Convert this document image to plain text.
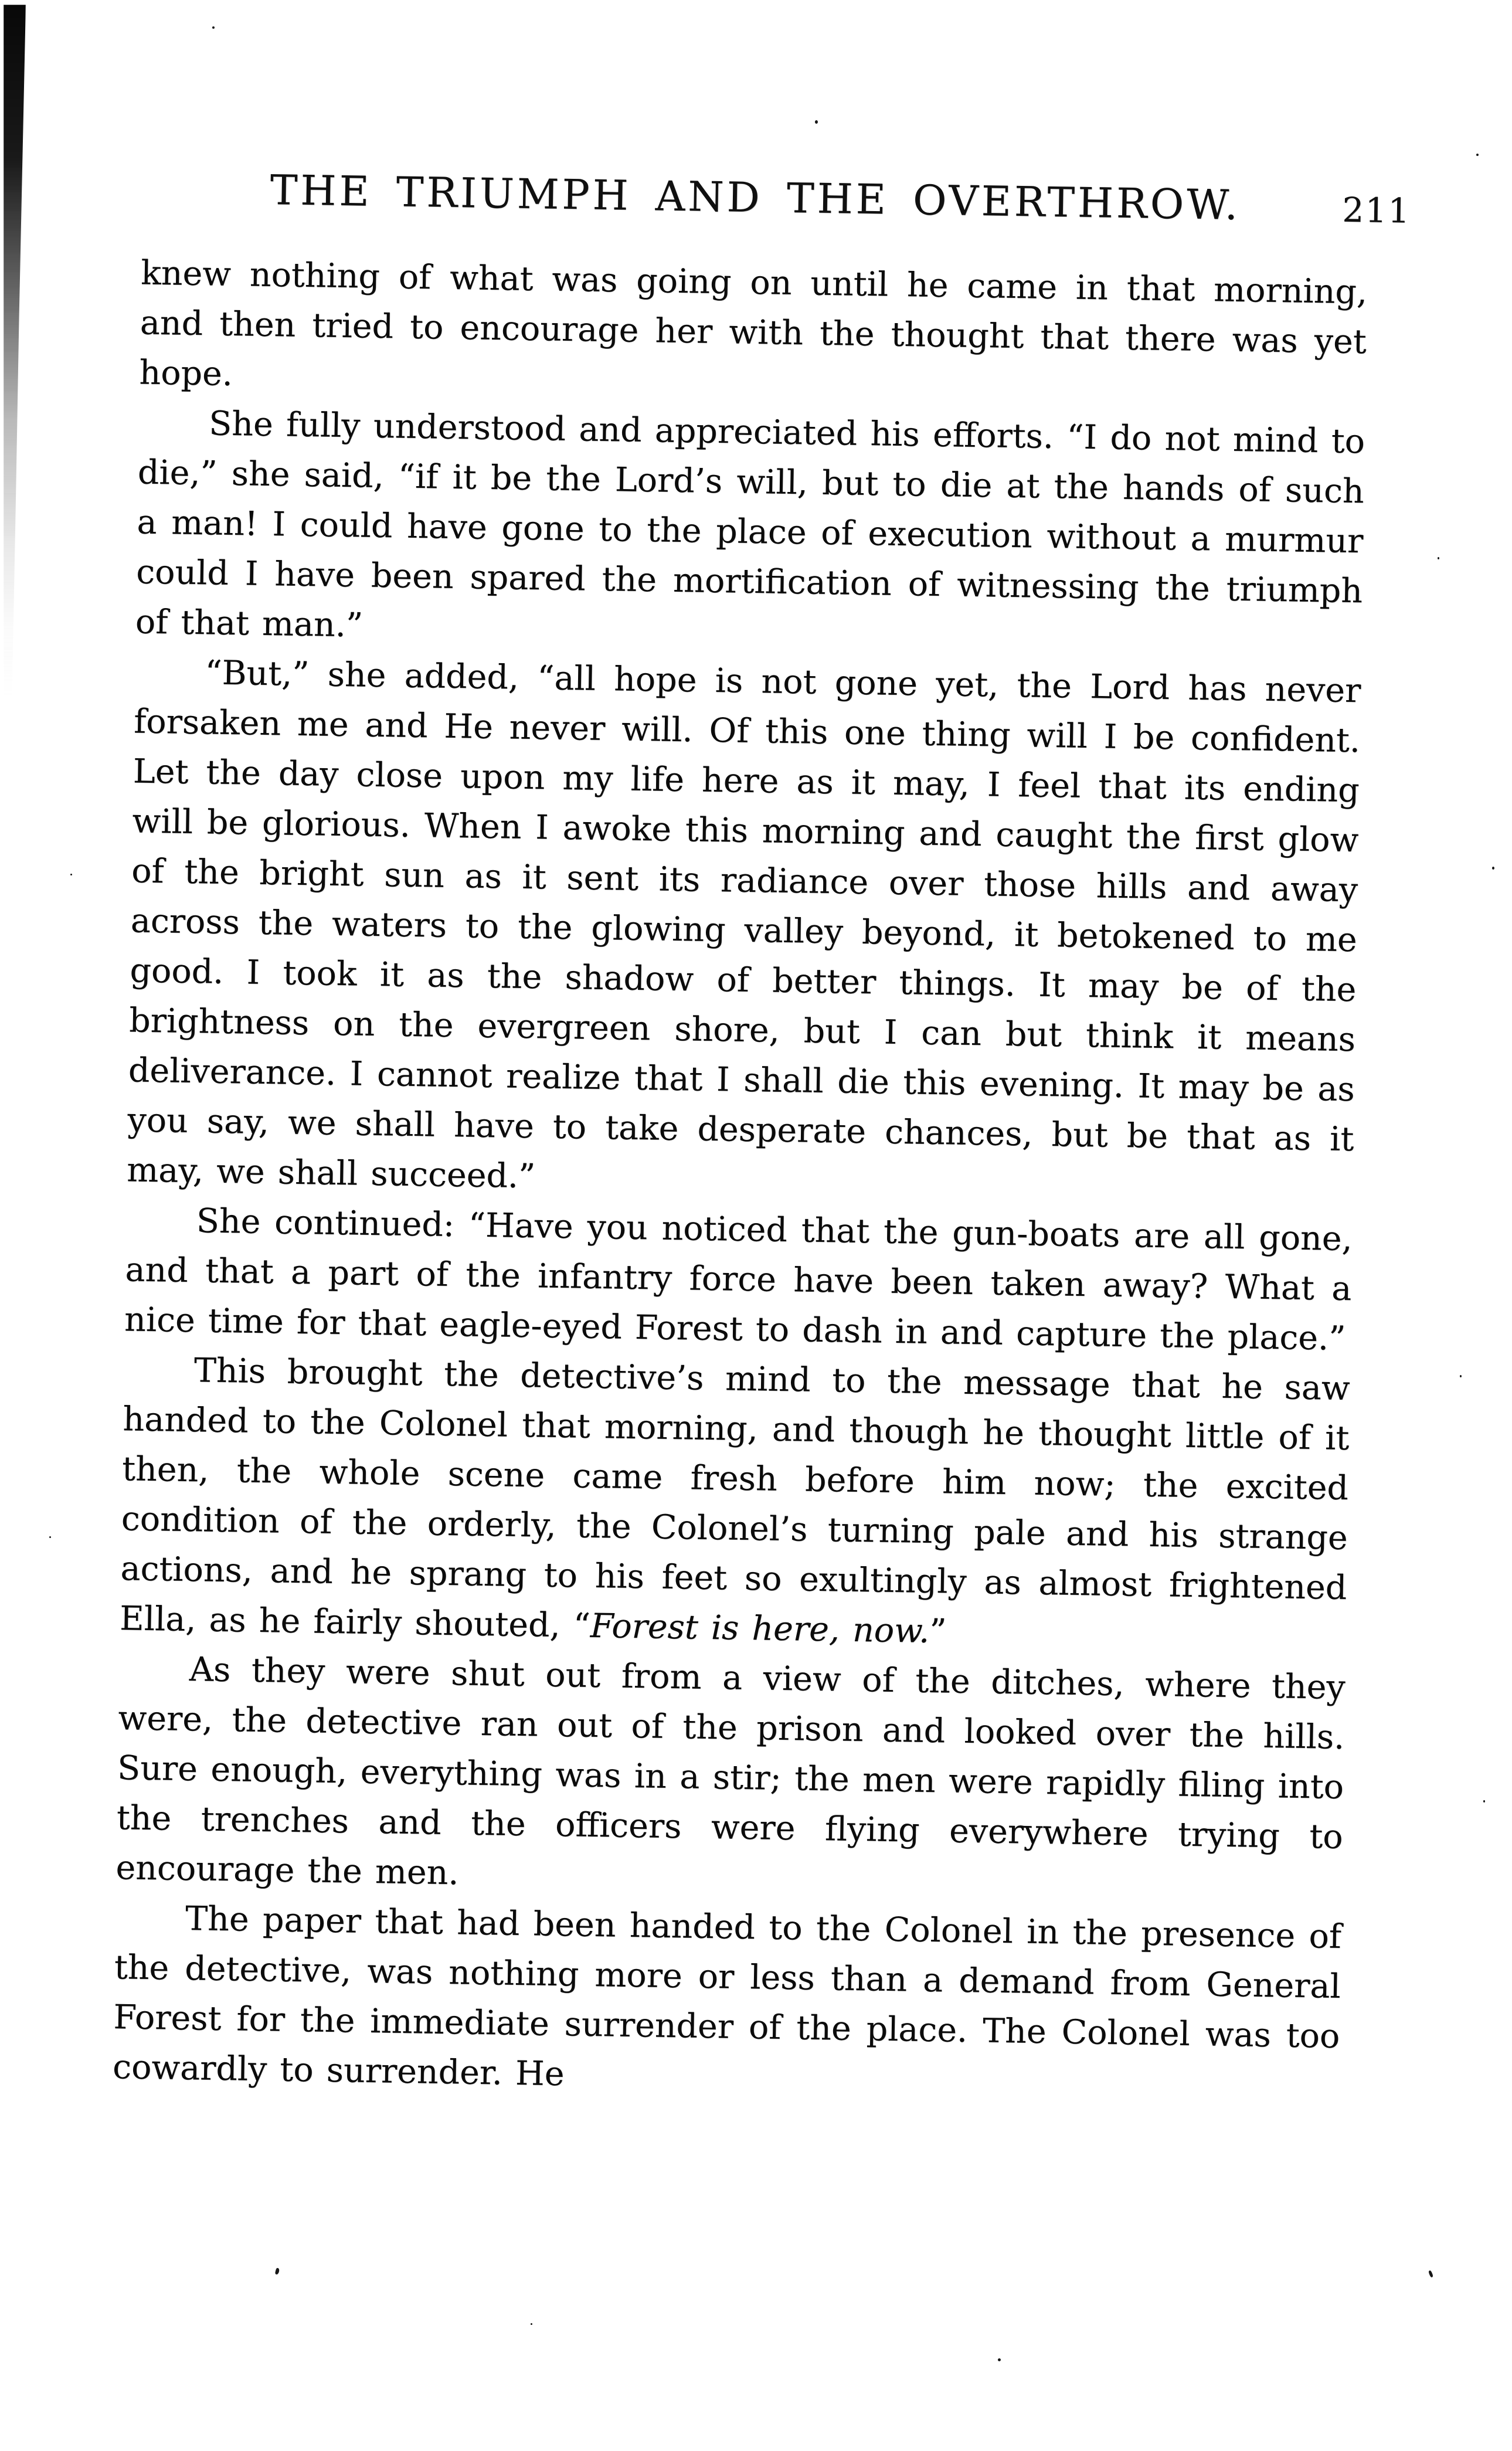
THE TRIUMPH AND THE OVERTHROW.	211

knew nothing of what was going on until he came in that morning, and then tried to encourage her with the thought that there was yet hope.

She fully understood and appreciated his efforts. “I do not mind to die,” she said, “if it be the Lord’s will, but to die at the hands of such a man! I could have gone to the place of execution without a murmur could I have been spared the mortification of witnessing the triumph of that man.”

“But,” she added, “all hope is not gone yet, the Lord has never forsaken me and He never will. Of this one thing will I be confident. Let the day close upon my life here as it may, I feel that its ending will be glorious. When I awoke this morning and caught the first glow of the bright sun as it sent its radiance over those hills and away across the waters to the glowing valley beyond, it betokened to me good. I took it as the shadow of better things. It may be of the brightness on the evergreen shore, but I can but think it means deliverance. I cannot realize that I shall die this evening. It may be as you say, we shall have to take desperate chances, but be that as it may, we shall succeed.”

She continued: “Have you noticed that the gun-boats are all gone, and that a part of the infantry force have been taken away? What a nice time for that eagle-eyed Forest to dash in and capture the place.”

This brought the detective’s mind to the message that he saw handed to the Colonel that morning, and though he thought little of it then, the whole scene came fresh before him now; the excited condition of the orderly, the Colonel’s turning pale and his strange actions, and he sprang to his feet so exultingly as almost frightened Ella, as he fairly shouted, “Forest is here, now.”

As they were shut out from a view of the ditches, where they were, the detective ran out of the prison and looked over the hills. Sure enough, everything was in a stir; the men were rapidly filing into the trenches and the officers were flying everywhere trying to encourage the men.

The paper that had been handed to the Colonel in the presence of the detective, was nothing more or less than a demand from General Forest for the immediate surrender of the place. The Colonel was too cowardly to surrender. He
